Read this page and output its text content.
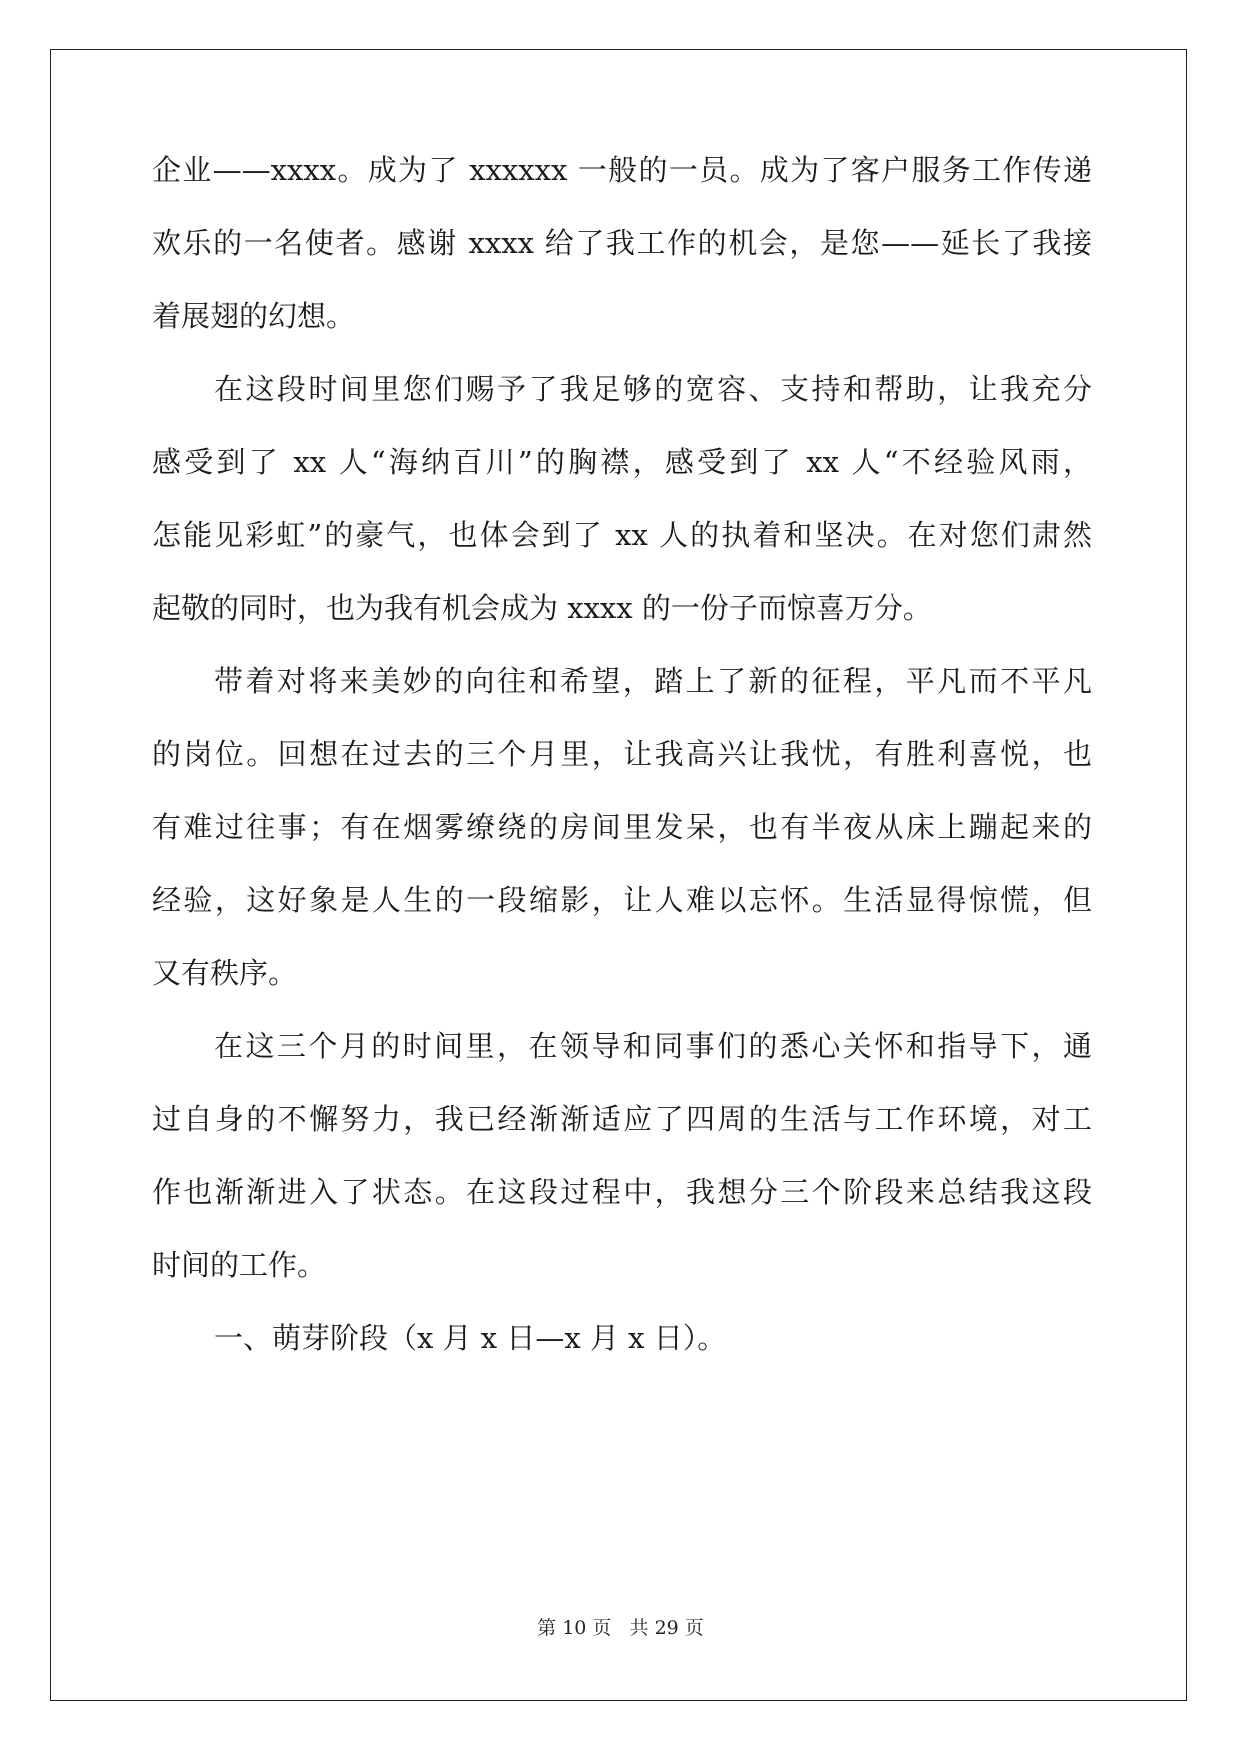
企业——xxxx。成为了 xxxxxx 一般的一员。成为了客户服务工作传递
欢乐的一名使者。感谢 xxxx 给了我工作的机会，是您——延长了我接
着展翅的幻想。
在这段时间里您们赐予了我足够的宽容、支持和帮助，让我充分
感受到了 xx 人“海纳百川”的胸襟，感受到了 xx 人“不经验风雨，
怎能见彩虹”的豪气，也体会到了 xx 人的执着和坚决。在对您们肃然
起敬的同时，也为我有机会成为 xxxx 的一份子而惊喜万分。
带着对将来美妙的向往和希望，踏上了新的征程，平凡而不平凡
的岗位。回想在过去的三个月里，让我高兴让我忧，有胜利喜悦，也
有难过往事；有在烟雾缭绕的房间里发呆，也有半夜从床上蹦起来的
经验，这好象是人生的一段缩影，让人难以忘怀。生活显得惊慌，但
又有秩序。
在这三个月的时间里，在领导和同事们的悉心关怀和指导下，通
过自身的不懈努力，我已经渐渐适应了四周的生活与工作环境，对工
作也渐渐进入了状态。在这段过程中，我想分三个阶段来总结我这段
时间的工作。
一、萌芽阶段（x 月 x 日—x 月 x 日）。
第 10 页   共 29 页
